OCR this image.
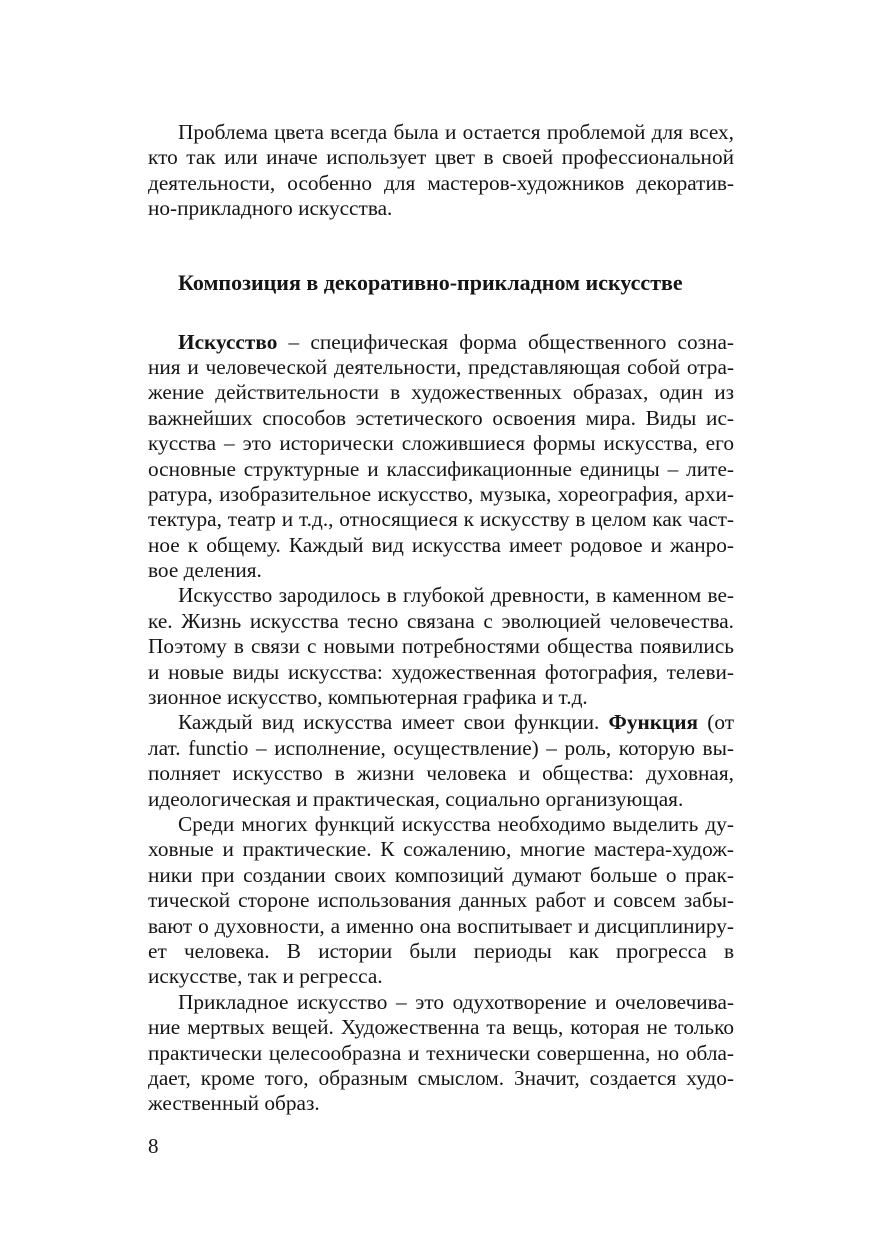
Проблема цвета всегда была и остается проблемой для всех,
кто так или иначе использует цвет в своей профессиональной
деятельности, особенно для мастеров-художников декоратив-
но-прикладного искусства.
Композиция в декоративно-прикладном искусстве
Искусство – специфическая форма общественного созна-
ния и человеческой деятельности, представляющая собой отра-
жение действительности в художественных образах, один из
важнейших способов эстетического освоения мира. Виды ис-
кусства – это исторически сложившиеся формы искусства, его
основные структурные и классификационные единицы – лите-
ратура, изобразительное искусство, музыка, хореография, архи-
тектура, театр и т.д., относящиеся к искусству в целом как част-
ное к общему. Каждый вид искусства имеет родовое и жанро-
вое деления.
Искусство зародилось в глубокой древности, в каменном ве-
ке. Жизнь искусства тесно связана с эволюцией человечества.
Поэтому в связи с новыми потребностями общества появились
и новые виды искусства: художественная фотография, телеви-
зионное искусство, компьютерная графика и т.д.
Каждый вид искусства имеет свои функции. Функция (от
лат. functio – исполнение, осуществление) – роль, которую вы-
полняет искусство в жизни человека и общества: духовная,
идеологическая и практическая, социально организующая.
Среди многих функций искусства необходимо выделить ду-
ховные и практические. К сожалению, многие мастера-худож-
ники при создании своих композиций думают больше о прак-
тической стороне использования данных работ и совсем забы-
вают о духовности, а именно она воспитывает и дисциплиниру-
ет человека. В истории были периоды как прогресса в
искусстве, так и регресса.
Прикладное искусство – это одухотворение и очеловечива-
ние мертвых вещей. Художественна та вещь, которая не только
практически целесообразна и технически совершенна, но обла-
дает, кроме того, образным смыслом. Значит, создается худо-
жественный образ.
8
